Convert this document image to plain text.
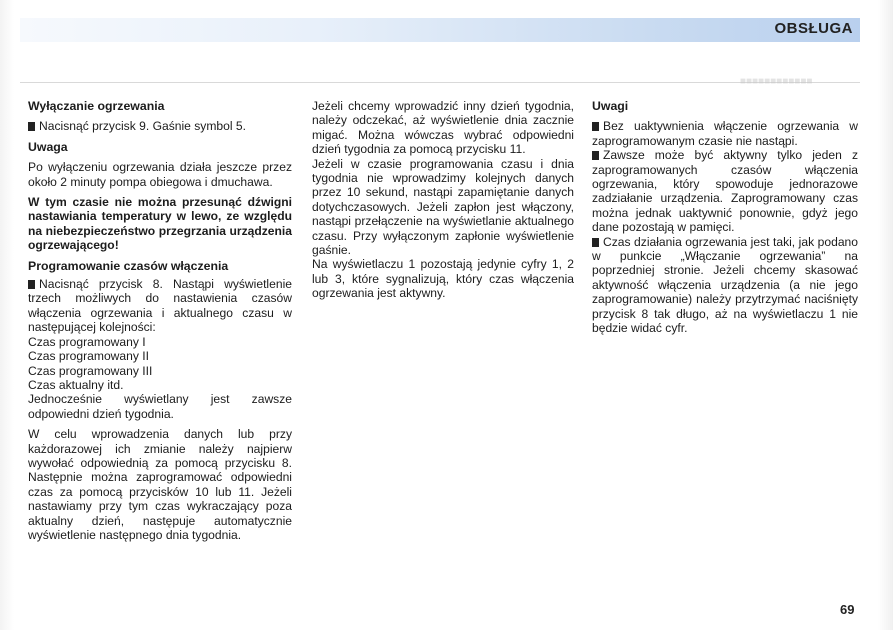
OBSŁUGA
■■■■■■■■■■■■

Wyłączanie ogrzewania

Nacisnąć przycisk 9. Gaśnie symbol 5.

Uwaga

Po wyłączeniu ogrzewania działa jeszcze przez około 2 minuty pompa obiegowa i dmuchawa.

W tym czasie nie można przesunąć dźwigni nastawiania temperatury w lewo, ze względu na niebezpieczeństwo przegrzania urządzenia ogrzewającego!

Programowanie czasów włączenia

Nacisnąć przycisk 8. Nastąpi wyświetlenie trzech możliwych do nastawienia czasów włączenia ogrzewania i aktualnego czasu w następującej kolejności:

Czas programowany I
Czas programowany II
Czas programowany III
Czas aktualny itd.

Jednocześnie wyświetlany jest zawsze odpowiedni dzień tygodnia.

W celu wprowadzenia danych lub przy każdorazowej ich zmianie należy najpierw wywołać odpowiednią za pomocą przycisku 8. Następnie można zaprogramować odpowiedni czas za pomocą przycisków 10 lub 11. Jeżeli nastawiamy przy tym czas wykraczający poza aktualny dzień, następuje automatycznie wyświetlenie następnego dnia tygodnia.

Jeżeli chcemy wprowadzić inny dzień tygodnia, należy odczekać, aż wyświetlenie dnia zacznie migać. Można wówczas wybrać odpowiedni dzień tygodnia za pomocą przycisku 11.

Jeżeli w czasie programowania czasu i dnia tygodnia nie wprowadzimy kolejnych danych przez 10 sekund, nastąpi zapamiętanie danych dotychczasowych. Jeżeli zapłon jest włączony, nastąpi przełączenie na wyświetlanie aktualnego czasu. Przy wyłączonym zapłonie wyświetlenie gaśnie.

Na wyświetlaczu 1 pozostają jedynie cyfry 1, 2 lub 3, które sygnalizują, który czas włączenia ogrzewania jest aktywny.

Uwagi

Bez uaktywnienia włączenie ogrzewania w zaprogramowanym czasie nie nastąpi.

Zawsze może być aktywny tylko jeden z zaprogramowanych czasów włączenia ogrzewania, który spowoduje jednorazowe zadziałanie urządzenia. Zaprogramowany czas można jednak uaktywnić ponownie, gdyż jego dane pozostają w pamięci.

Czas działania ogrzewania jest taki, jak podano w punkcie „Włączanie ogrzewania” na poprzedniej stronie. Jeżeli chcemy skasować aktywność włączenia urządzenia (a nie jego zaprogramowanie) należy przytrzymać naciśnięty przycisk 8 tak długo, aż na wyświetlaczu 1 nie będzie widać cyfr.

69
